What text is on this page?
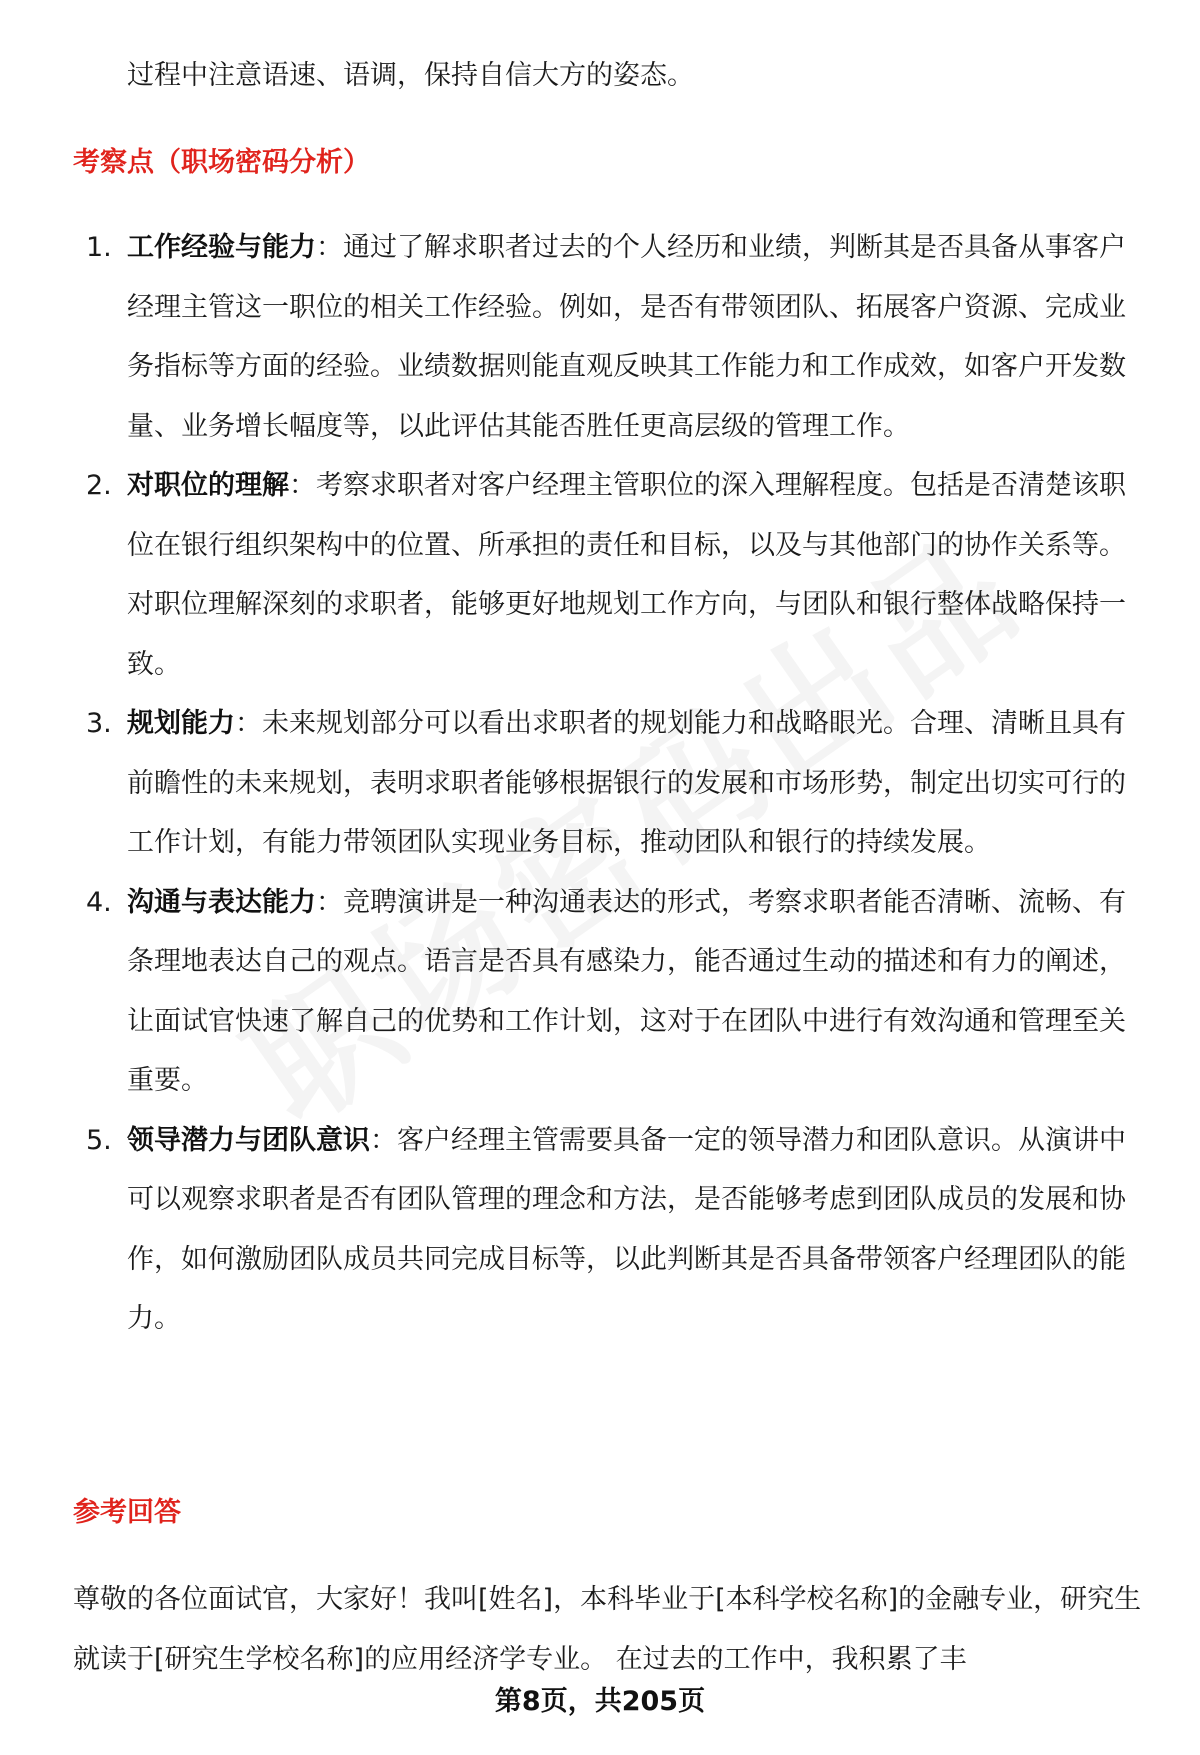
过程中注意语速、语调，保持自信大方的姿态。
考察点（职场密码分析）
1. 工作经验与能力：通过了解求职者过去的个人经历和业绩，判断其是否具备从事客户经理主管这一职位的相关工作经验。例如，是否有带领团队、拓展客户资源、完成业务指标等方面的经验。业绩数据则能直观反映其工作能力和工作成效，如客户开发数量、业务增长幅度等，以此评估其能否胜任更高层级的管理工作。
2. 对职位的理解：考察求职者对客户经理主管职位的深入理解程度。包括是否清楚该职位在银行组织架构中的位置、所承担的责任和目标，以及与其他部门的协作关系等。对职位理解深刻的求职者，能够更好地规划工作方向，与团队和银行整体战略保持一致。
3. 规划能力：未来规划部分可以看出求职者的规划能力和战略眼光。合理、清晰且具有前瞻性的未来规划，表明求职者能够根据银行的发展和市场形势，制定出切实可行的工作计划，有能力带领团队实现业务目标，推动团队和银行的持续发展。
4. 沟通与表达能力：竞聘演讲是一种沟通表达的形式，考察求职者能否清晰、流畅、有条理地表达自己的观点。语言是否具有感染力，能否通过生动的描述和有力的阐述，让面试官快速了解自己的优势和工作计划，这对于在团队中进行有效沟通和管理至关重要。
5. 领导潜力与团队意识：客户经理主管需要具备一定的领导潜力和团队意识。从演讲中可以观察求职者是否有团队管理的理念和方法，是否能够考虑到团队成员的发展和协作，如何激励团队成员共同完成目标等，以此判断其是否具备带领客户经理团队的能力。
参考回答

尊敬的各位面试官，大家好！我叫[姓名]，本科毕业于[本科学校名称]的金融专业，研究生就读于[研究生学校名称]的应用经济学专业。 在过去的工作中，我积累了丰

第8页，共205页
